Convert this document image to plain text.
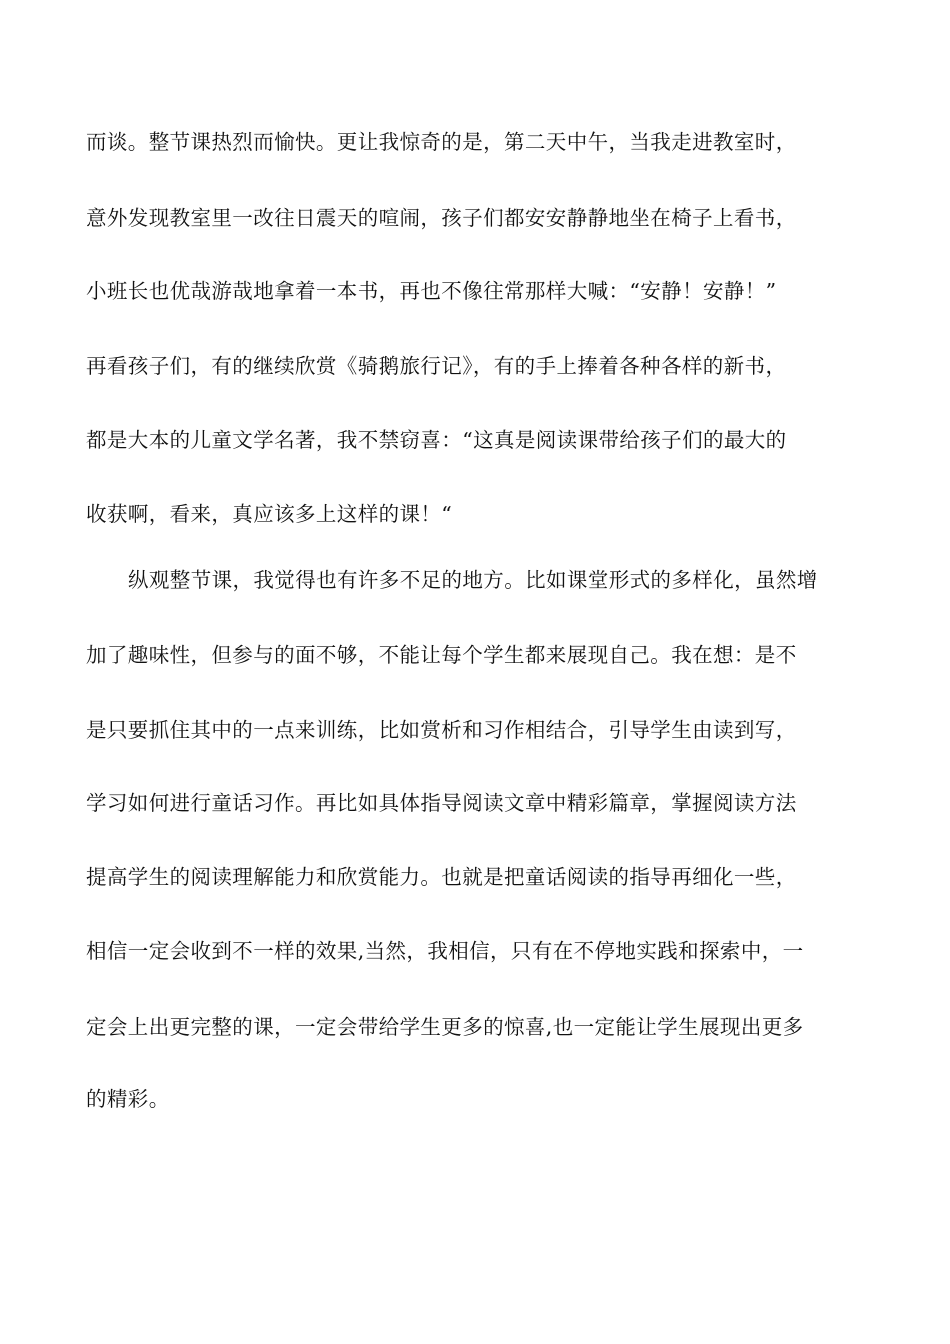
而谈。整节课热烈而愉快。更让我惊奇的是，第二天中午，当我走进教室时，
意外发现教室里一改往日震天的喧闹，孩子们都安安静静地坐在椅子上看书，
小班长也优哉游哉地拿着一本书，再也不像往常那样大喊：“安静！安静！”
再看孩子们，有的继续欣赏《骑鹅旅行记》，有的手上捧着各种各样的新书，
都是大本的儿童文学名著，我不禁窃喜：“这真是阅读课带给孩子们的最大的
收获啊，看来，真应该多上这样的课！“
纵观整节课，我觉得也有许多不足的地方。比如课堂形式的多样化，虽然增
加了趣味性，但参与的面不够，不能让每个学生都来展现自己。我在想：是不
是只要抓住其中的一点来训练，比如赏析和习作相结合，引导学生由读到写，
学习如何进行童话习作。再比如具体指导阅读文章中精彩篇章，掌握阅读方法
提高学生的阅读理解能力和欣赏能力。也就是把童话阅读的指导再细化一些，
相信一定会收到不一样的效果,当然，我相信，只有在不停地实践和探索中，一
定会上出更完整的课，一定会带给学生更多的惊喜,也一定能让学生展现出更多
的精彩。
